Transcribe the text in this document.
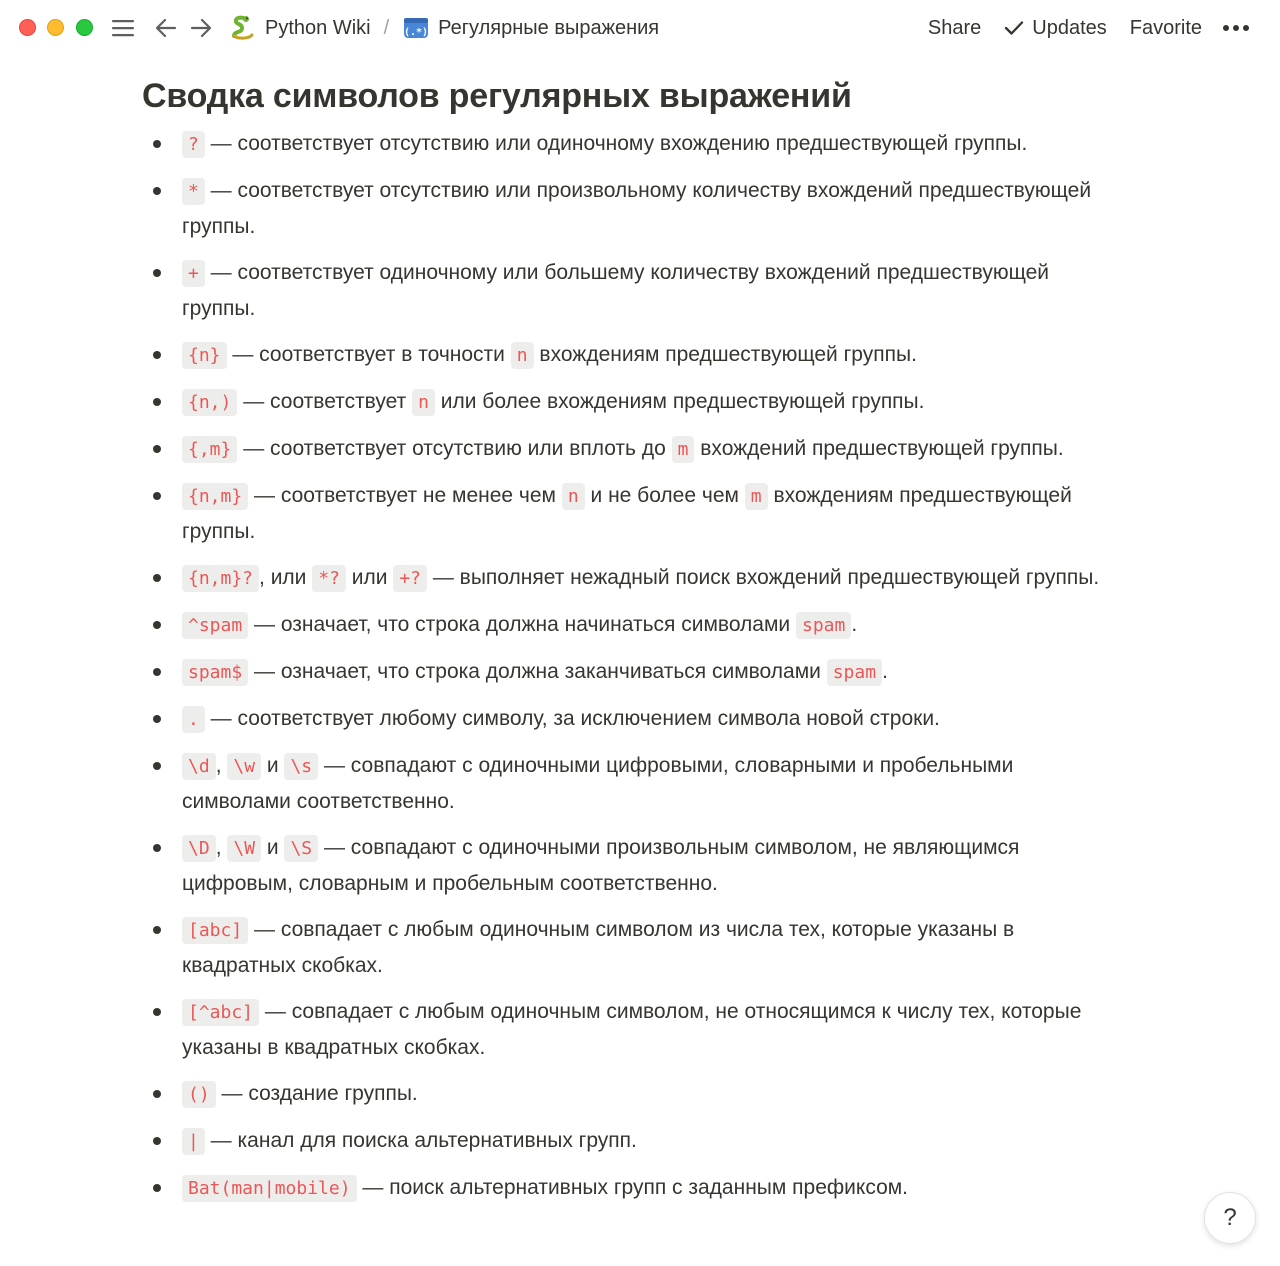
Python Wiki / (.*) Регулярные выражения	Share	Updates Favorite
Сводка символов регулярных выражений
? — соответствует отсутствию или одиночному вхождению предшествующей группы.
* — соответствует отсутствию или произвольному количеству вхождений предшествующей группы.
+ — соответствует одиночному или большему количеству вхождений предшествующей группы.
{n} — соответствует в точности n вхождениям предшествующей группы.
{n,) — соответствует n или более вхождениям предшествующей группы.
{,m} — соответствует отсутствию или вплоть до m вхождений предшествующей группы.
{n,m} — соответствует не менее чем n и не более чем m вхождениям предшествующей группы.
{n,m}? , или *? или +? — выполняет нежадный поиск вхождений предшествующей группы.
^spam — означает, что строка должна начинаться символами spam .
spam$ — означает, что строка должна заканчиваться символами spam .
. — соответствует любому символу, за исключением символа новой строки.
\d , \w и \s — совпадают с одиночными цифровыми, словарными и пробельными символами соответственно.
\D , \W и \S — совпадают с одиночными произвольным символом, не являющимся цифровым, словарным и пробельным соответственно.
[abc] — совпадает с любым одиночным символом из числа тех, которые указаны в квадратных скобках.
[^abc] — совпадает с любым одиночным символом, не относящимся к числу тех, которые указаны в квадратных скобках.
() — создание группы.
| — канал для поиска альтернативных групп.
Bat(man|mobile) — поиск альтернативных групп с заданным префиксом.
?
